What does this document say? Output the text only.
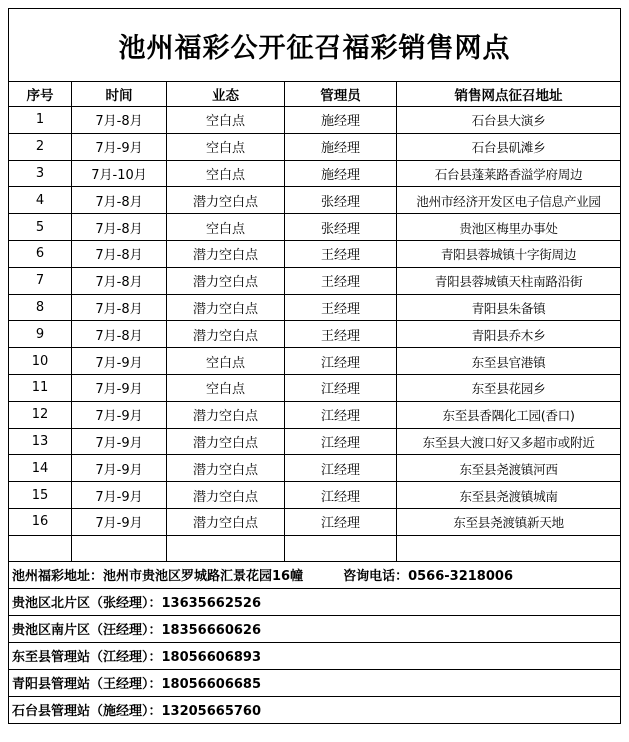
池州福彩公开征召福彩销售网点				
序号	时间	业态	管理员	销售网点征召地址
1	7月-8月	空白点	施经理	石台县大演乡
2	7月-9月	空白点	施经理	石台县矶滩乡
3	7月-10月	空白点	施经理	石台县蓬莱路香溢学府周边
4	7月-8月	潜力空白点	张经理	池州市经济开发区电子信息产业园
5	7月-8月	空白点	张经理	贵池区梅里办事处
6	7月-8月	潜力空白点	王经理	青阳县蓉城镇十字街周边
7	7月-8月	潜力空白点	王经理	青阳县蓉城镇天柱南路沿街
8	7月-8月	潜力空白点	王经理	青阳县朱备镇
9	7月-8月	潜力空白点	王经理	青阳县乔木乡
10	7月-9月	空白点	江经理	东至县官港镇
11	7月-9月	空白点	江经理	东至县花园乡
12	7月-9月	潜力空白点	江经理	东至县香隅化工园(香口)
13	7月-9月	潜力空白点	江经理	东至县大渡口好又多超市或附近
14	7月-9月	潜力空白点	江经理	东至县尧渡镇河西
15	7月-9月	潜力空白点	江经理	东至县尧渡镇城南
16	7月-9月	潜力空白点	江经理	东至县尧渡镇新天地

池州福彩地址：池州市贵池区罗城路汇景花园16幢 咨询电话：0566-3218006				
贵池区北片区（张经理）：13635662526				
贵池区南片区（汪经理）：18356660626				
东至县管理站（江经理）：18056606893				
青阳县管理站（王经理）：18056606685				
石台县管理站（施经理）：13205665760				
